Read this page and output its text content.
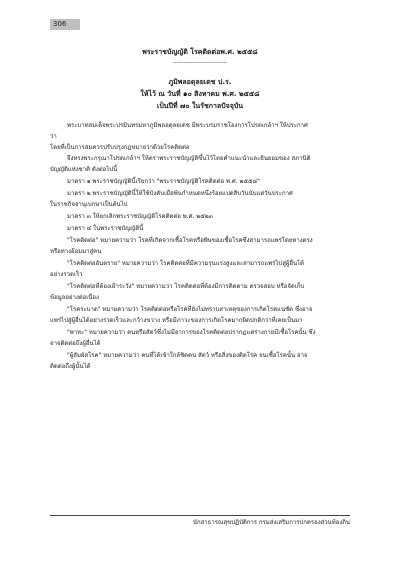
306
พระราชบัญญัติ โรคติดต่อพ.ศ. ๒๕๕๘
------------------------------
ภูมิพลอดุลยเดช ป.ร.
ให้ไว้ ณ วันที่ ๑๐ สิงหาคม พ.ศ. ๒๕๕๘
เป็นปีที่ ๗๐ ในรัชกาลปัจจุบัน
พระบาทสมเด็จพระปรมินทรมหาภูมิพลอดุลยเดช มีพระบรมราชโองการโปรดเกล้าฯ ให้ประกาศ
ว่า
โดยที่เป็นการสมควรปรับปรุงกฎหมายว่าด้วยโรคติดต่อ
จึงทรงพระกรุณาโปรดเกล้าฯ ให้ตราพระราชบัญญัติขึ้นไว้โดยคำแนะนำและยินยอมของ สภานิติ
บัญญัติแห่งชาติ ดังต่อไปนี้
มาตรา ๑ พระราชบัญญัตินี้เรียกว่า "พระราชบัญญัติโรคติดต่อ พ.ศ. ๒๕๕๘"
มาตรา ๒ พระราชบัญญัตินี้ให้ใช้บังคับเมื่อพ้นกำหนดหนึ่งร้อยแปดสิบวันนับแต่วันประกาศ
ในราชกิจจานุเบกษาเป็นต้นไป
มาตรา ๓ ให้ยกเลิกพระราชบัญญัติโรคติดต่อ พ.ศ. ๒๕๒๓
มาตรา ๔ ในพระราชบัญญัตินี้
"โรคติดต่อ" หมายความว่า โรคที่เกิดจากเชื้อโรคหรือพิษของเชื้อโรคซึ่งสามารถแพร่โดยทางตรง
หรือทางอ้อมมาสู่คน
"โรคติดต่ออันตราย" หมายความว่า โรคติดต่อที่มีความรุนแรงสูงและสามารถแพร่ไปสู่ผู้อื่นได้
อย่างรวดเร็ว
"โรคติดต่อที่ต้องเฝ้าระวัง" หมายความว่า โรคติดต่อที่ต้องมีการติดตาม ตรวจสอบ หรือจัดเก็บ
ข้อมูลอย่างต่อเนื่อง
"โรคระบาด" หมายความว่า โรคติดต่อหรือโรคที่ยังไม่ทราบสาเหตุของการเกิดโรคแน่ชัด ซึ่งอาจ
แพร่ไปสู่ผู้อื่นได้อย่างรวดเร็วและกว้างขวาง หรือมีภาวะของการเกิดโรคมากผิดปกติกว่าที่เคยเป็นมา
"พาหะ" หมายความว่า คนหรือสัตว์ซึ่งไม่มีอาการของโรคติดต่อปรากฏแต่ร่างกายมีเชื้อโรคนั้น ซึ่ง
อาจติดต่อถึงผู้อื่นได้
"ผู้สัมผัสโรค" หมายความว่า คนที่ได้เข้าใกล้ชิดคน สัตว์ หรือสิ่งของติดโรค จนเชื้อโรคนั้น อาจ
ติดต่อถึงผู้นั้นได้
นักสาธารณสุขปฏิบัติการ กรมส่งเสริมการปกครองส่วนท้องถิ่น
